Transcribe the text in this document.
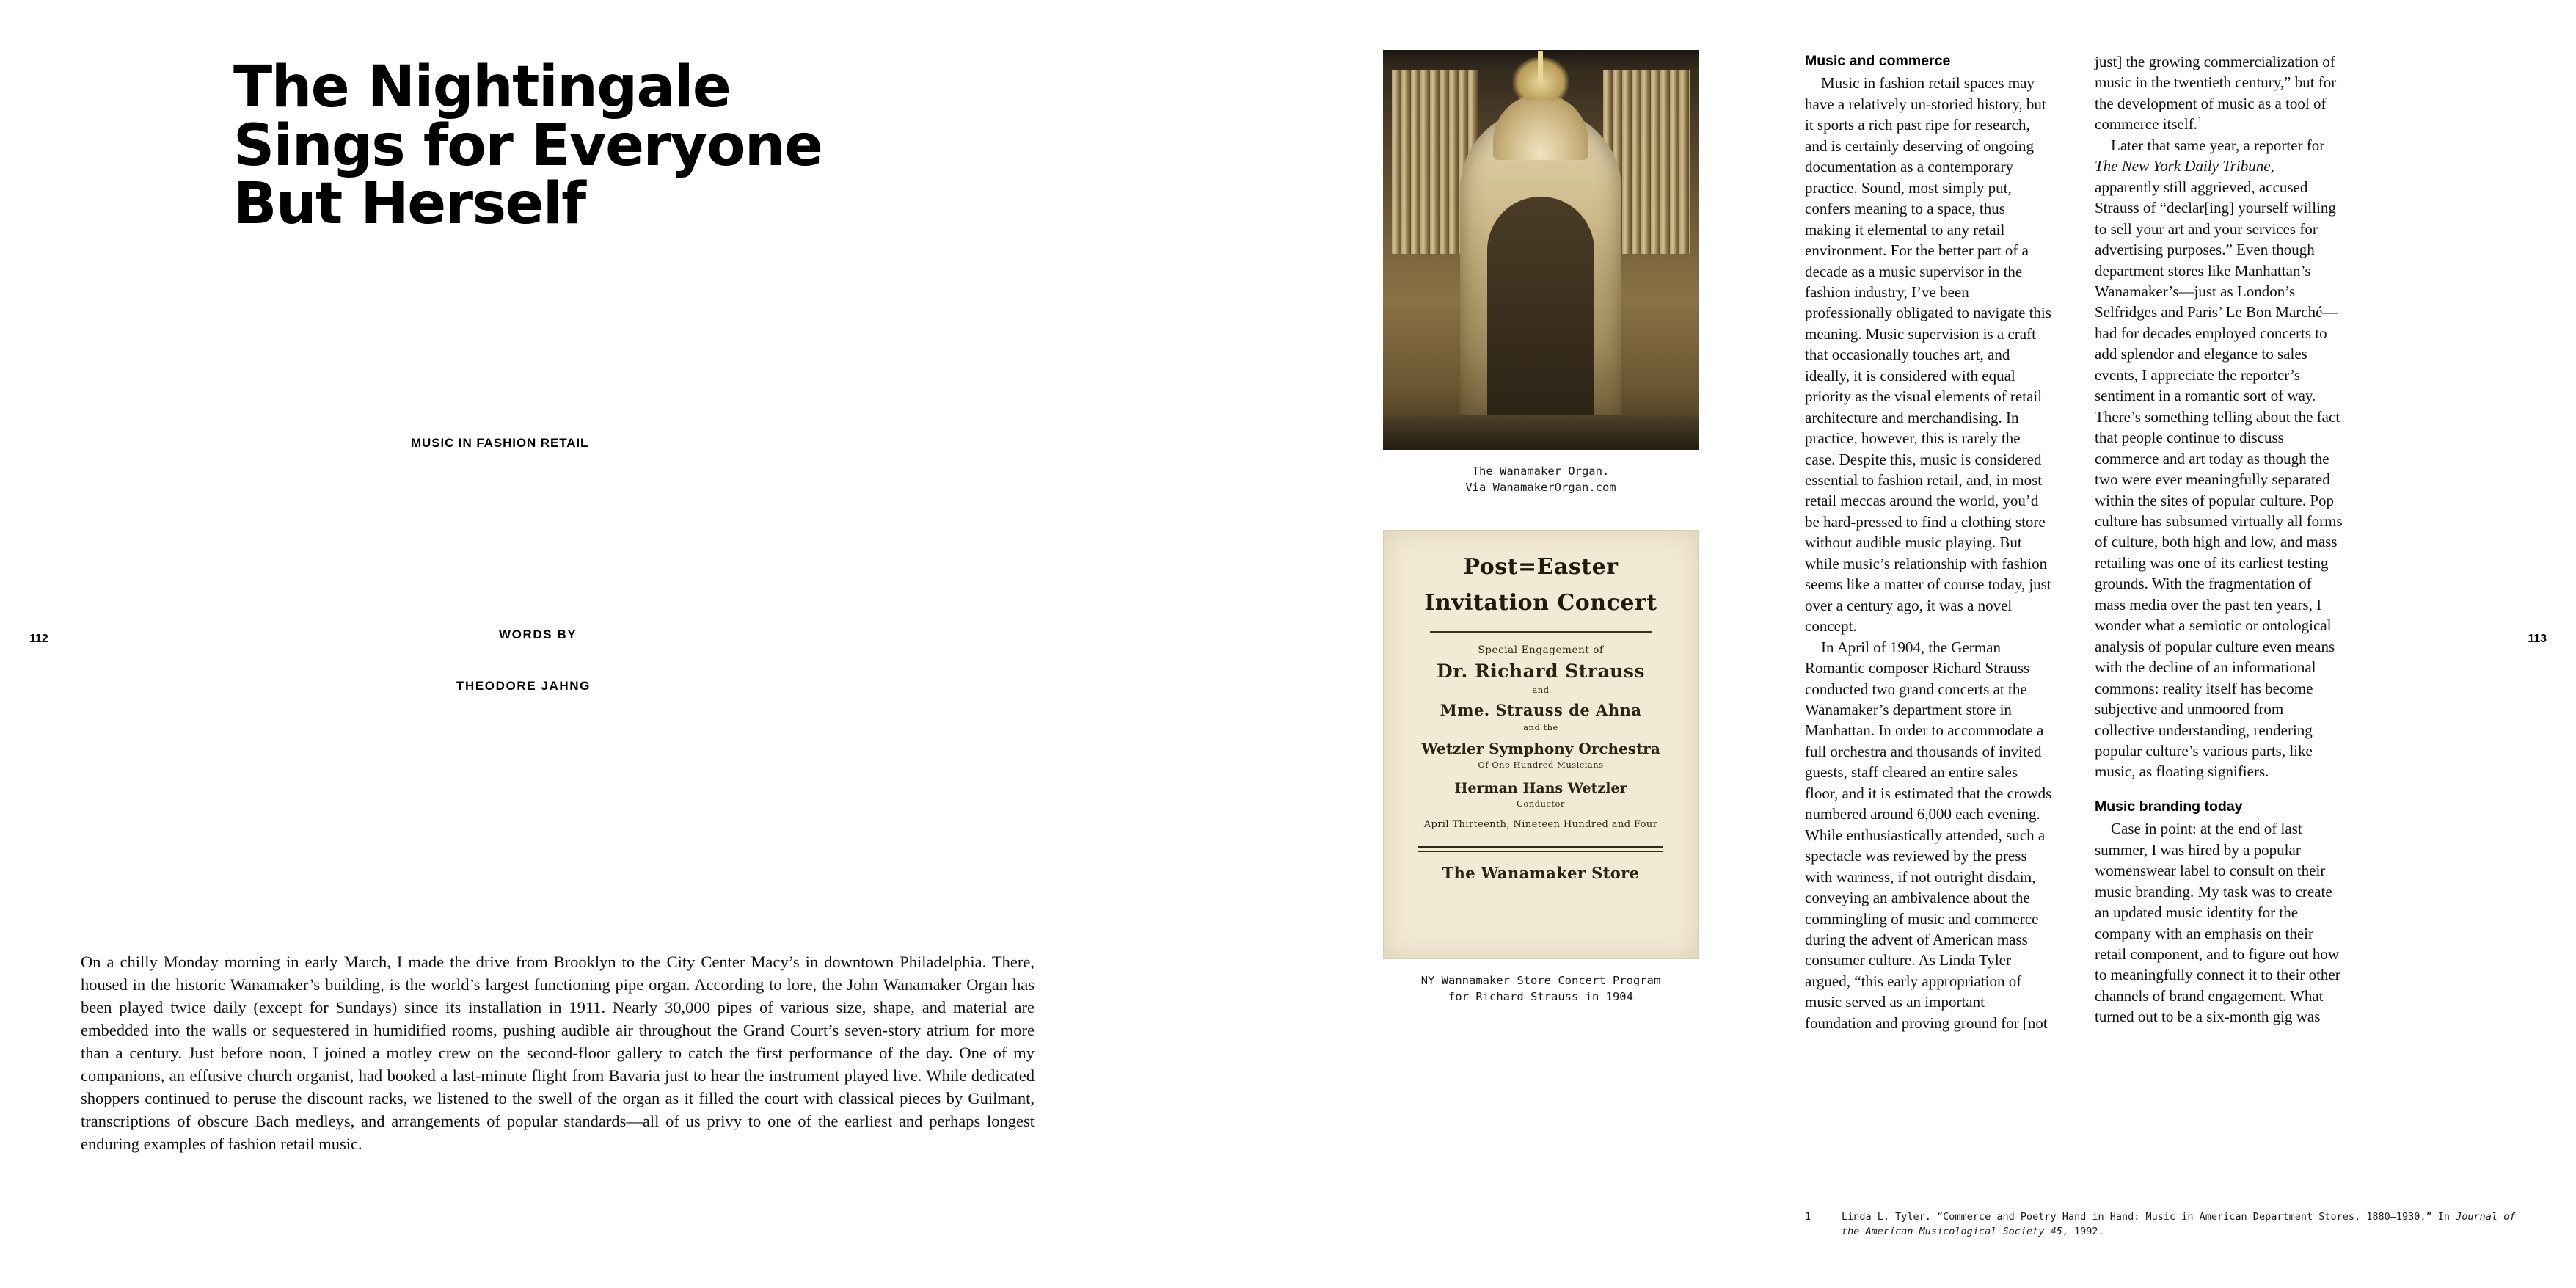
The Nightingale
Sings for Everyone
But Herself
MUSIC IN FASHION RETAIL
WORDS BY
THEODORE JAHNG
112
On a chilly Monday morning in early March, I made the drive from Brooklyn to the City Center Macy’s in downtown Philadelphia. There, housed in the historic Wanamaker’s building, is the world’s largest functioning pipe organ. According to lore, the John Wanamaker Organ has been played twice daily (except for Sundays) since its installation in 1911. Nearly 30,000 pipes of various size, shape, and material are embedded into the walls or sequestered in humidified rooms, pushing audible air throughout the Grand Court’s seven-story atrium for more than a century. Just before noon, I joined a motley crew on the second-floor gallery to catch the first performance of the day. One of my companions, an effusive church organist, had booked a last-minute flight from Bavaria just to hear the instrument played live. While dedicated shoppers continued to peruse the discount racks, we listened to the swell of the organ as it filled the court with classical pieces by Guilmant, transcriptions of obscure Bach medleys, and arrangements of popular standards—all of us privy to one of the earliest and perhaps longest enduring examples of fashion retail music.
113
The Wanamaker Organ.
Via WanamakerOrgan.com
Post=Easter
Invitation Concert
Special Engagement of
Dr. Richard Strauss
and
Mme. Strauss de Ahna
and the
Wetzler Symphony Orchestra
Of One Hundred Musicians
Herman Hans Wetzler
Conductor
April Thirteenth, Nineteen Hundred and Four
The Wanamaker Store
NY Wannamaker Store Concert Program
for Richard Strauss in 1904
Music and commerce

Music in fashion retail spaces may have a relatively un-storied history, but it sports a rich past ripe for research, and is certainly deserving of ongoing documentation as a contemporary practice. Sound, most simply put, confers meaning to a space, thus making it elemental to any retail environment. For the better part of a decade as a music supervisor in the fashion industry, I’ve been professionally obligated to navigate this meaning. Music supervision is a craft that occasionally touches art, and ideally, it is considered with equal priority as the visual elements of retail architecture and merchandising. In practice, however, this is rarely the case. Despite this, music is considered essential to fashion retail, and, in most retail meccas around the world, you’d be hard-pressed to find a clothing store without audible music playing. But while music’s relationship with fashion seems like a matter of course today, just over a century ago, it was a novel concept.

In April of 1904, the German Romantic composer Richard Strauss conducted two grand concerts at the Wanamaker’s department store in Manhattan. In order to accommodate a full orchestra and thousands of invited guests, staff cleared an entire sales floor, and it is estimated that the crowds numbered around 6,000 each evening. While enthusiastically attended, such a spectacle was reviewed by the press with wariness, if not outright disdain, conveying an ambivalence about the commingling of music and commerce during the advent of American mass consumer culture. As Linda Tyler argued, “this early appropriation of music served as an important foundation and proving ground for [not

just] the growing commercialization of music in the twentieth century,” but for the development of music as a tool of commerce itself.$^1$

Later that same year, a reporter for The New York Daily Tribune, apparently still aggrieved, accused Strauss of “declar[ing] yourself willing to sell your art and your services for advertising purposes.” Even though department stores like Manhattan’s Wanamaker’s—just as London’s Selfridges and Paris’ Le Bon Marché—had for decades employed concerts to add splendor and elegance to sales events, I appreciate the reporter’s sentiment in a romantic sort of way. There’s something telling about the fact that people continue to discuss commerce and art today as though the two were ever meaningfully separated within the sites of popular culture. Pop culture has subsumed virtually all forms of culture, both high and low, and mass retailing was one of its earliest testing grounds. With the fragmentation of mass media over the past ten years, I wonder what a semiotic or ontological analysis of popular culture even means with the decline of an informational commons: reality itself has become subjective and unmoored from collective understanding, rendering popular culture’s various parts, like music, as floating signifiers.

Music branding today

Case in point: at the end of last summer, I was hired by a popular womenswear label to consult on their music branding. My task was to create an updated music identity for the company with an emphasis on their retail component, and to figure out how to meaningfully connect it to their other channels of brand engagement. What turned out to be a six-month gig was

1	Linda L. Tyler. “Commerce and Poetry Hand in Hand: Music in American Department Stores, 1880–1930.” In Journal of the American Musicological Society 45, 1992.
